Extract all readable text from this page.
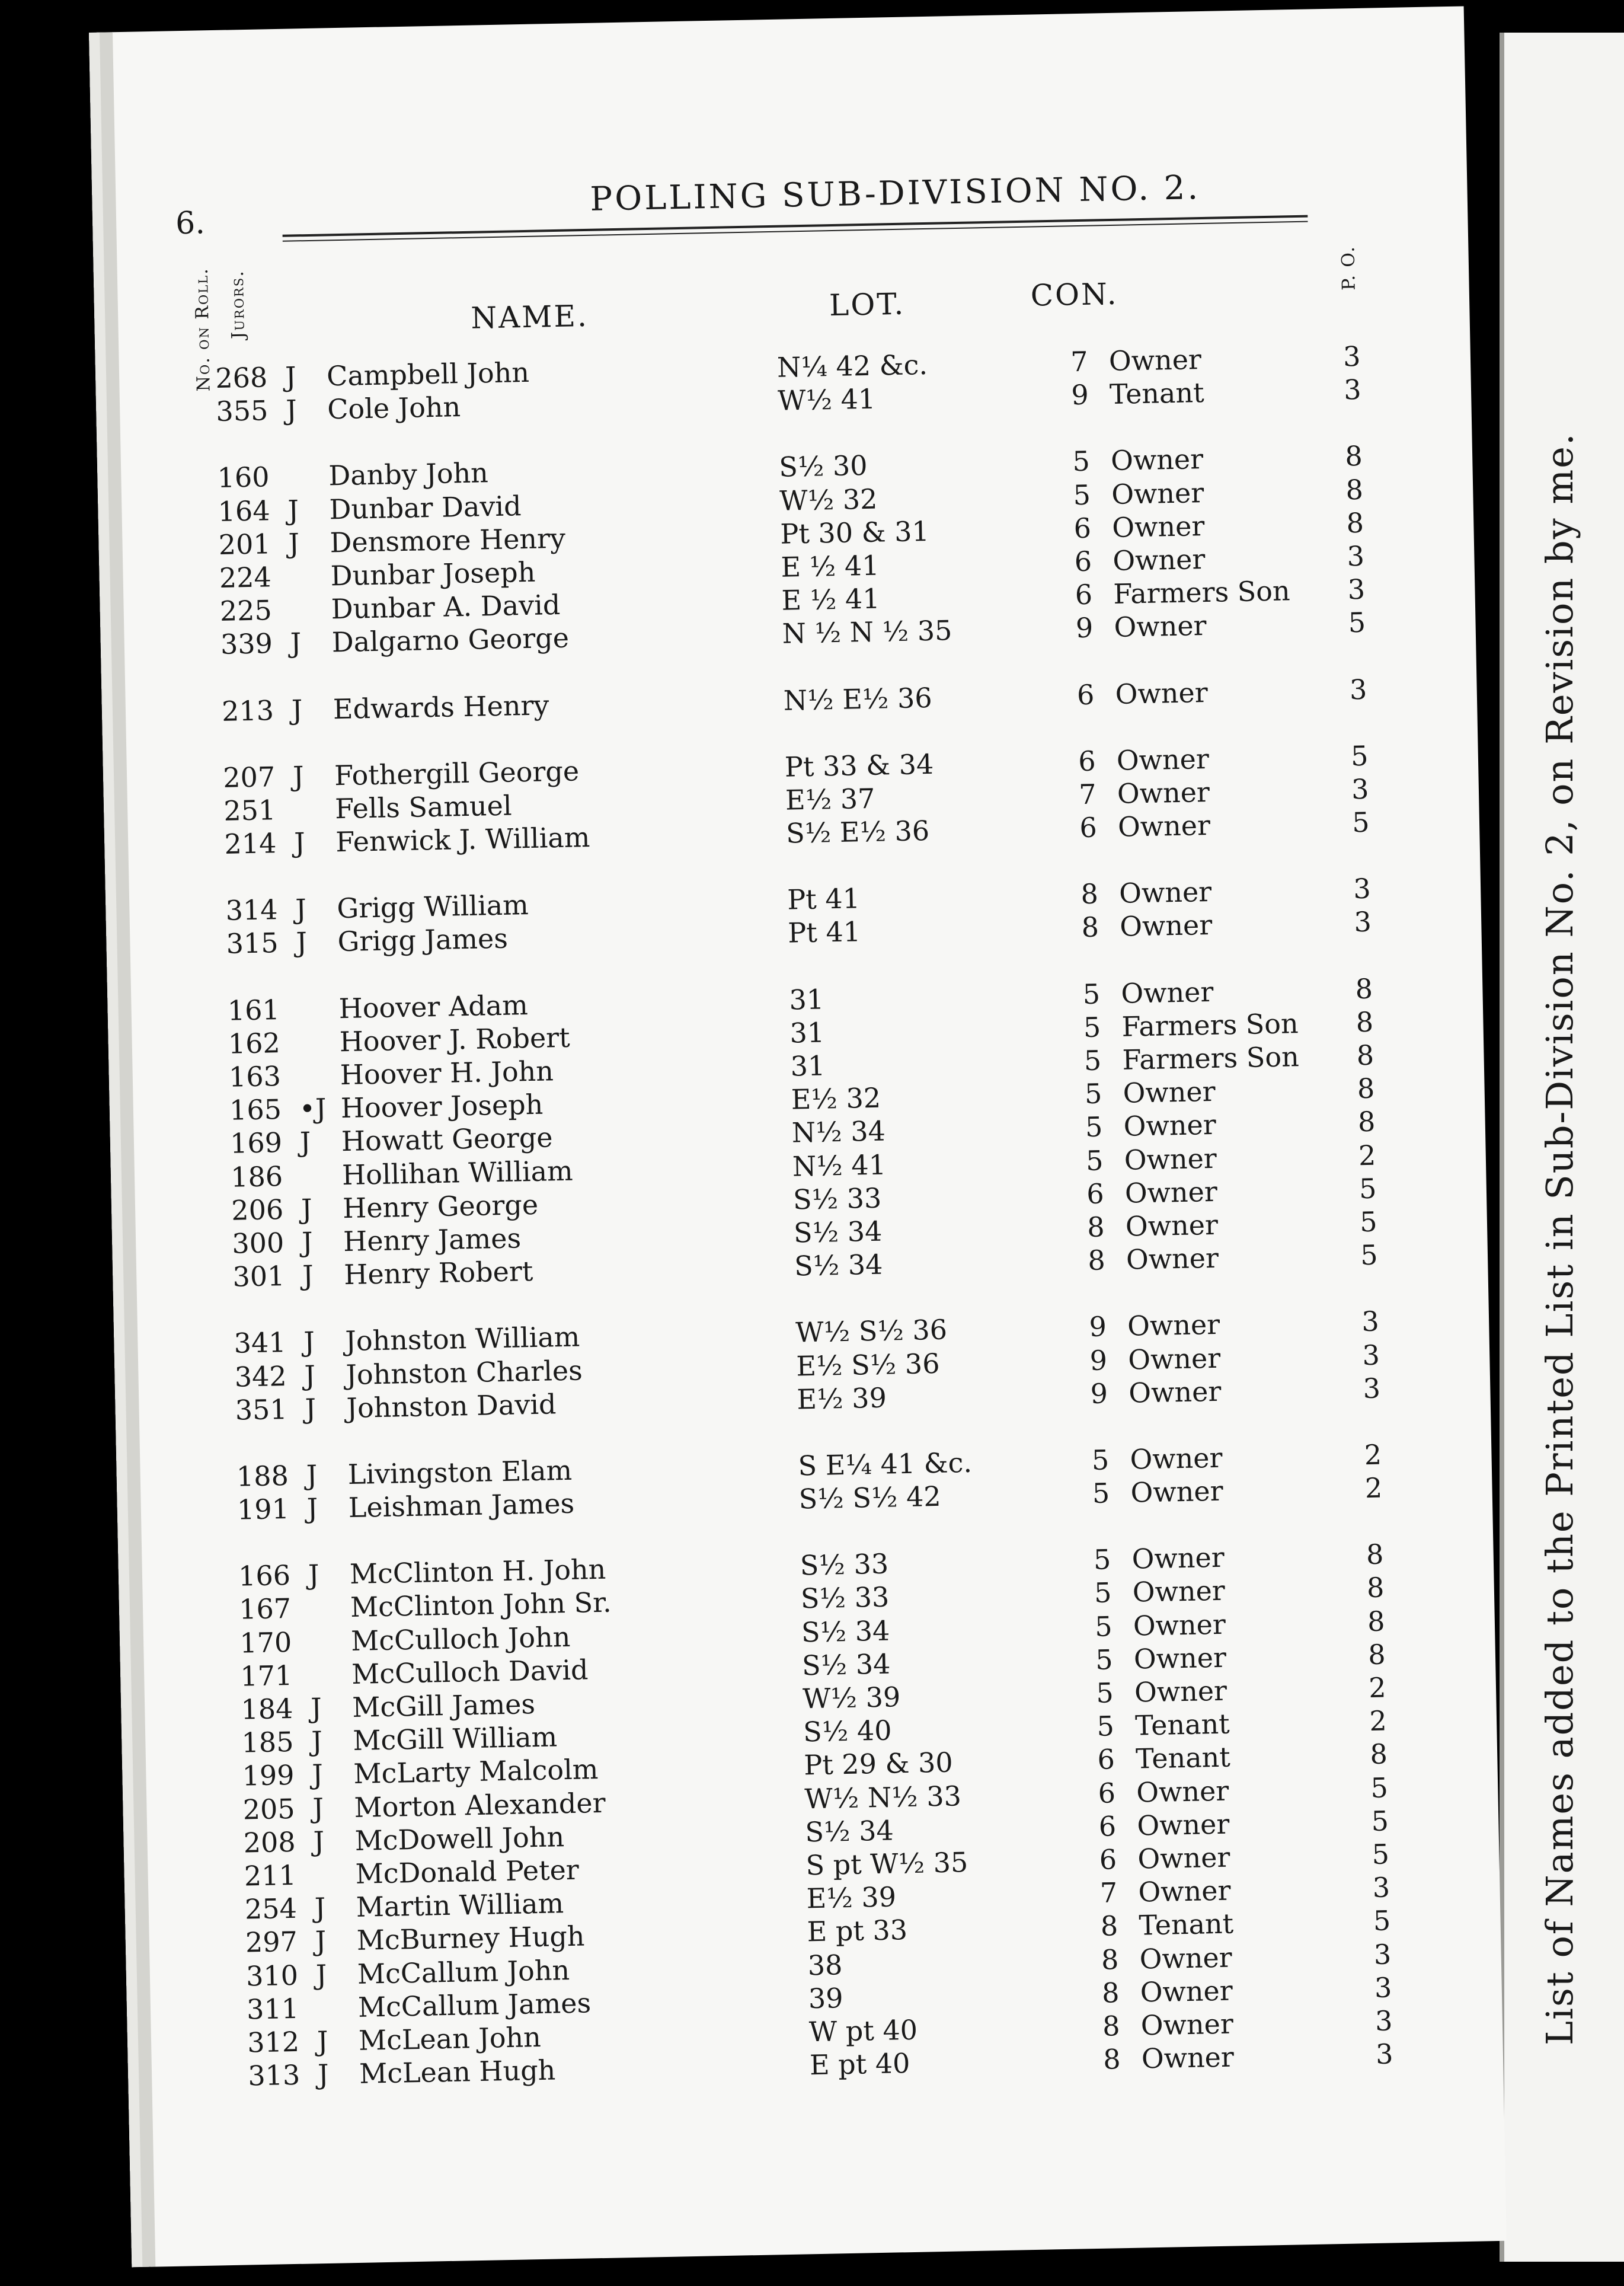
List of Names added to the Printed List in Sub-Division No. 2, on Revision by me.
6.
POLLING SUB-DIVISION NO. 2.
No. on Roll. Jurors.	NAME.	LOT.	CON.
P. O.
268 J	Campbell John	N¼ 42 &c.	7 Owner	3
355 J	Cole John	W½ 41	9 Tenant	3
160 Danby John	S½ 30	5 Owner	8
164 J	Dunbar David	W½ 32	5 Owner	8
201 J	Densmore Henry	Pt 30 & 31	6 Owner	8
224 Dunbar Joseph	E ½ 41	6 Owner	3
225 Dunbar A. David	E ½ 41	6 Farmers Son	3
339 J	Dalgarno George	N ½ N ½ 35	9 Owner	5
213 J	Edwards Henry	N½ E½ 36	6 Owner	3
207 J	Fothergill George	Pt 33 & 34	6 Owner	5
251 Fells Samuel	E½ 37	7 Owner	3
214 J	Fenwick J. William	S½ E½ 36	6 Owner	5
314 J	Grigg William	Pt 41	8 Owner	3
315 J	Grigg James	Pt 41	8 Owner	3
161 Hoover Adam	31	5 Owner	8
162 Hoover J. Robert	31	5 Farmers Son	8
163 Hoover H. John	31	5 Farmers Son	8
165 •J Hoover Joseph	E½ 32	5 Owner	8
169 J	Howatt George	N½ 34	5 Owner	8
186 Hollihan William	N½ 41	5 Owner	2
206 J	Henry George	S½ 33	6 Owner	5
300 J	Henry James	S½ 34	8 Owner	5
301 J	Henry Robert	S½ 34	8 Owner	5
341 J	Johnston William	W½ S½ 36	9 Owner	3
342 J	Johnston Charles	E½ S½ 36	9 Owner	3
351 J	Johnston David	E½ 39	9 Owner	3
188 J	Livingston Elam	S E¼ 41 &c.	5 Owner	2
191 J	Leishman James	S½ S½ 42	5 Owner	2
166 J	McClinton H. John	S½ 33	5 Owner	8
167 McClinton John Sr.	S½ 33	5 Owner	8
170 McCulloch John	S½ 34	5 Owner	8
171 McCulloch David	S½ 34	5 Owner	8
184 J	McGill James	W½ 39	5 Owner	2
185 J	McGill William	S½ 40	5 Tenant	2
199 J	McLarty Malcolm	Pt 29 & 30	6 Tenant	8
205 J	Morton Alexander	W½ N½ 33	6 Owner	5
208 J	McDowell John	S½ 34	6 Owner	5
211 McDonald Peter	S pt W½ 35	6 Owner	5
254 J	Martin William	E½ 39	7 Owner	3
297 J	McBurney Hugh	E pt 33	8 Tenant	5
310 J	McCallum John	38	8 Owner	3
311 McCallum James	39	8 Owner	3
312 J	McLean John	W pt 40	8 Owner	3
313 J	McLean Hugh	E pt 40	8 Owner	3
